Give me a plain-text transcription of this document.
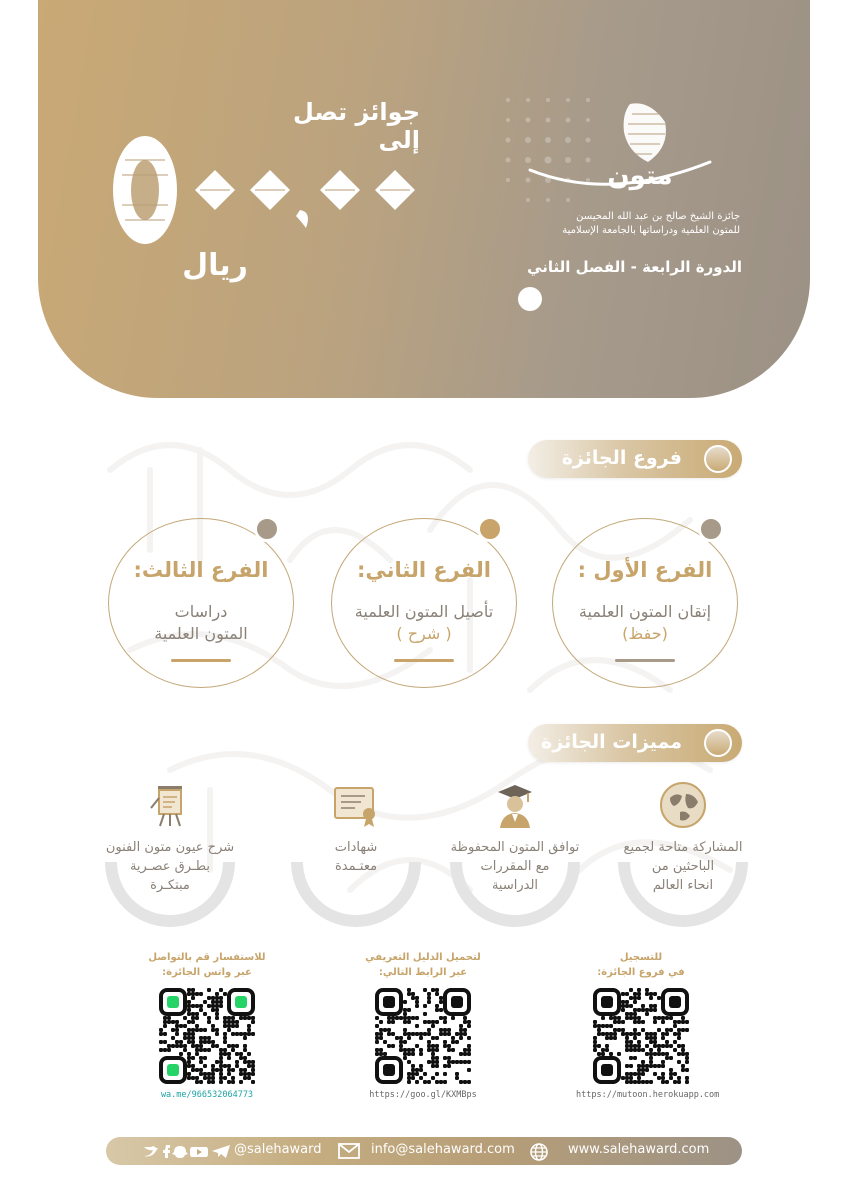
جوائز تصل إلى
ريال
متون
جائزة الشيخ صالح بن عبد الله المحيسن
للمتون العلمية ودراساتها بالجامعة الإسلامية
الدورة الرابعة - الفصل الثاني
فروع الجائزة
الفرع الأول :
إتقان المتون العلمية
(حفظ)
الفرع الثاني:
تأصيل المتون العلمية
( شرح )
الفرع الثالث:
دراسات
المتون العلمية
مميزات الجائزة
المشاركة متاحة لجميع
الباحثين من
انحاء العالم
توافق المتون المحفوظة
مع المقررات
الدراسية
شهادات
معتـمدة
شرح عيون متون الفنون
بطـرق عصـرية
مبتكـرة
للتسجيل
في فروع الجائزة:
https://mutoon.herokuapp.com
لتحميل الدليل التعريفي
عبر الرابط التالي:
https://goo.gl/KXMBps
للاستفسار قم بالتواصل
عبر واتس الجائزة:
wa.me/966532064773
@salehaward	info@salehaward.com	www.salehaward.com
